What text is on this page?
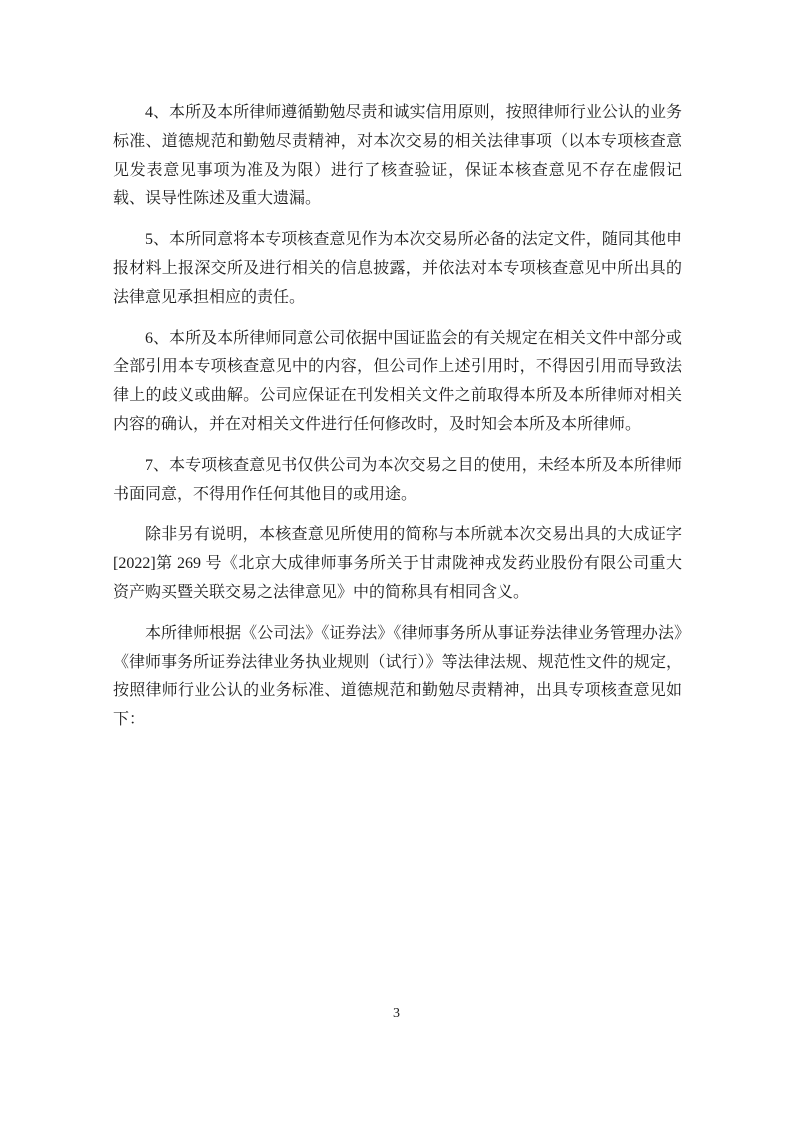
4、本所及本所律师遵循勤勉尽责和诚实信用原则，按照律师行业公认的业务标准、道德规范和勤勉尽责精神，对本次交易的相关法律事项（以本专项核查意见发表意见事项为准及为限）进行了核查验证，保证本核查意见不存在虚假记载、误导性陈述及重大遗漏。

5、本所同意将本专项核查意见作为本次交易所必备的法定文件，随同其他申报材料上报深交所及进行相关的信息披露，并依法对本专项核查意见中所出具的法律意见承担相应的责任。

6、本所及本所律师同意公司依据中国证监会的有关规定在相关文件中部分或全部引用本专项核查意见中的内容，但公司作上述引用时，不得因引用而导致法律上的歧义或曲解。公司应保证在刊发相关文件之前取得本所及本所律师对相关内容的确认，并在对相关文件进行任何修改时，及时知会本所及本所律师。

7、本专项核查意见书仅供公司为本次交易之目的使用，未经本所及本所律师书面同意，不得用作任何其他目的或用途。

除非另有说明，本核查意见所使用的简称与本所就本次交易出具的大成证字[2022]第 269 号《北京大成律师事务所关于甘肃陇神戎发药业股份有限公司重大资产购买暨关联交易之法律意见》中的简称具有相同含义。

本所律师根据《公司法》《证券法》《律师事务所从事证券法律业务管理办法》《律师事务所证券法律业务执业规则（试行）》等法律法规、规范性文件的规定，按照律师行业公认的业务标准、道德规范和勤勉尽责精神，出具专项核查意见如下：

3
